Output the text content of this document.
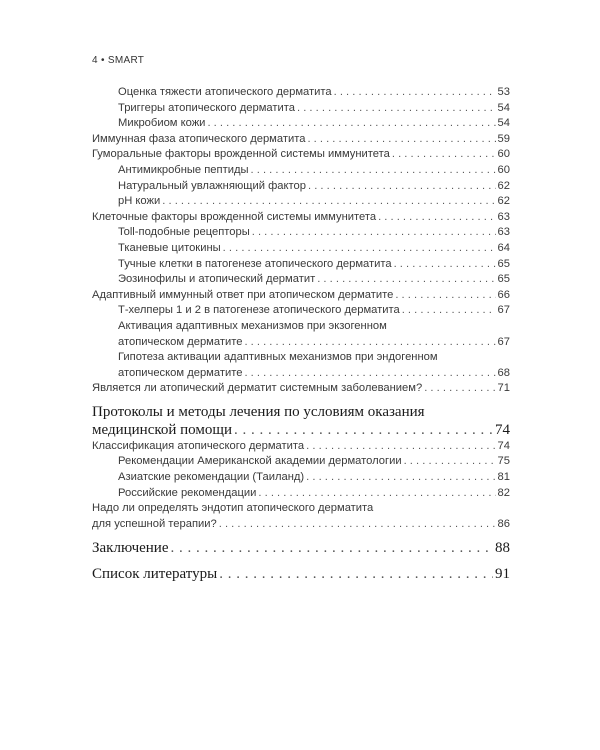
4 • SMART
Оценка тяжести атопического дерматита . . .	53
Триггеры атопического дерматита . . .	54
Микробиом кожи . . .	54
Иммунная фаза атопического дерматита . . .	59
Гуморальные факторы врожденной системы иммунитета . . .	60
Антимикробные пептиды . . .	60
Натуральный увлажняющий фактор . . .	62
pH кожи . . .	62
Клеточные факторы врожденной системы иммунитета . . .	63
Toll-подобные рецепторы . . .	63
Тканевые цитокины . . .	64
Тучные клетки в патогенезе атопического дерматита . . .	65
Эозинофилы и атопический дерматит . . .	65
Адаптивный иммунный ответ при атопическом дерматите . . .	66
Т-хелперы 1 и 2 в патогенезе атопического дерматита . . .	67
Активация адаптивных механизмов при экзогенном
атопическом дерматите . . .	67
Гипотеза активации адаптивных механизмов при эндогенном
атопическом дерматите . . .	68
Является ли атопический дерматит системным заболеванием? . . .	71
Протоколы и методы лечения по условиям оказания
медицинской помощи . . .	74
Классификация атопического дерматита . . .	74
Рекомендации Американской академии дерматологии . . .	75
Азиатские рекомендации (Таиланд) . . .	81
Российские рекомендации . . .	82
Надо ли определять эндотип атопического дерматита
для успешной терапии? . . .	86
Заключение . . .	88
Список литературы . . .	91
